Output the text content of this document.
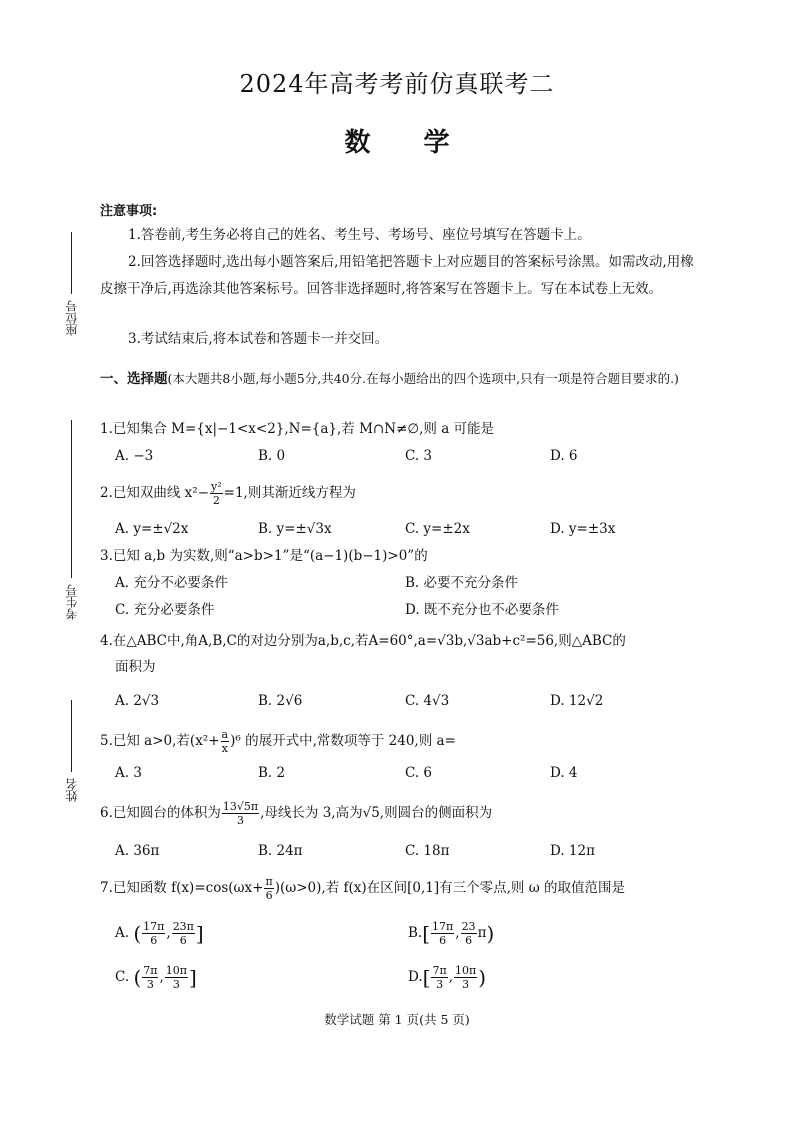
2024年高考考前仿真联考二
数 学
座位号
考生号
姓名
注意事项:
1.答卷前,考生务必将自己的姓名、考生号、考场号、座位号填写在答题卡上。
2.回答选择题时,选出每小题答案后,用铅笔把答题卡上对应题目的答案标号涂黑。如需改动,用橡皮擦干净后,再选涂其他答案标号。回答非选择题时,将答案写在答题卡上。写在本试卷上无效。
3.考试结束后,将本试卷和答题卡一并交回。
一、选择题(本大题共8小题,每小题5分,共40分.在每小题给出的四个选项中,只有一项是符合题目要求的.)
1.已知集合 M={x|−1<x<2},N={a},若 M∩N≠∅,则 a 可能是
A. −3	B. 0	C. 3	D. 6
2.已知双曲线 $x^2- \frac{\text{y²}}{2} =1$,则其渐近线方程为
A. y=±√2x	B. y=±√3x	C. y=±2x	D. y=±3x
3.已知 a,b 为实数,则“a>b>1”是“(a−1)(b−1)>0”的
A. 充分不必要条件	B. 必要不充分条件
C. 充分必要条件	D. 既不充分也不必要条件
4.在△ABC中,角A,B,C的对边分别为a,b,c,若A=60°,a=√3b,√3ab+c²=56,则△ABC的
面积为
A. 2√3	B. 2√6	C. 4√3	D. 12√2
5.已知 a>0,若$(x^2+ \frac{a}{x} )^6$ 的展开式中,常数项等于 240,则 a=
A. 3	B. 2	C. 6	D. 4
6.已知圆台的体积为 $\frac{13√5\pi}{3}$ ,母线长为 3,高为√5,则圆台的侧面积为
A. 36π	B. 24π	C. 18π	D. 12π
7.已知函数 $f(x)=\cos(\omega x+ \frac{\pi}{6} )(\omega>0)$,若 f(x)在区间[0,1]有三个零点,则 ω 的取值范围是
A. ( $\frac{17\pi}{6}$ , $\frac{23\pi}{6}$ ]	$B.[ \frac{17\pi}{6}$ , $\frac{23}{6} \pi$)
C. ( $\frac{7\pi}{3}$ , $\frac{10\pi}{3}$ ]	$D.[ \frac{7\pi}{3}$ , $\frac{10\pi}{3}$ )
数学试题 第 1 页(共 5 页)
